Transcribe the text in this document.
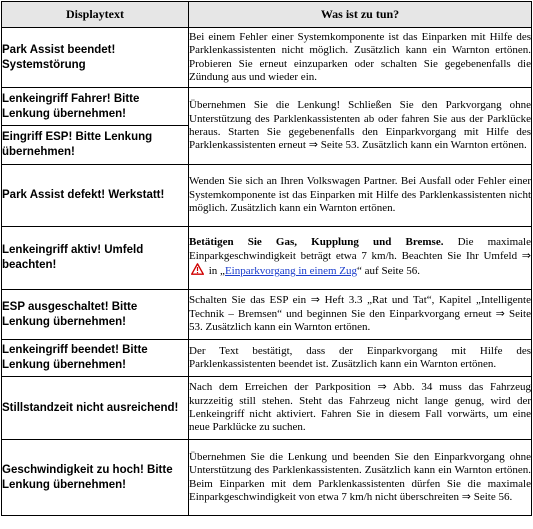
Displaytext	Was ist zu tun?
Park Assist beendet! Systemstörung	Bei einem Fehler einer Systemkomponente ist das Einparken mit Hilfe des Parklenkassistenten nicht möglich. Zusätzlich kann ein Warnton ertönen. Probieren Sie erneut einzuparken oder schalten Sie gegebenenfalls die Zündung aus und wieder ein.
Lenkeingriff Fahrer! Bitte Lenkung übernehmen!	Übernehmen Sie die Lenkung! Schließen Sie den Parkvorgang ohne Unterstützung des Parklenkassistenten ab oder fahren Sie aus der Parklücke heraus. Starten Sie gegebenenfalls den Einparkvorgang mit Hilfe des Parklenkassistenten erneut ⇒ Seite 53. Zusätzlich kann ein Warnton ertönen.
Eingriff ESP! Bitte Lenkung übernehmen!	
Park Assist defekt! Werkstatt!	Wenden Sie sich an Ihren Volkswagen Partner. Bei Ausfall oder Fehler einer Systemkomponente ist das Einparken mit Hilfe des Parklenkassistenten nicht möglich. Zusätzlich kann ein Warnton ertönen.
Lenkeingriff aktiv! Umfeld beachten!	Betätigen Sie Gas, Kupplung und Bremse. Die maximale Einparkgeschwindigkeit beträgt etwa 7 km/h. Beachten Sie Ihr Umfeld ⇒  in „Einparkvorgang in einem Zug“ auf Seite 56.
ESP ausgeschaltet! Bitte Lenkung übernehmen!	Schalten Sie das ESP ein ⇒ Heft 3.3 „Rat und Tat“, Kapitel „Intelligente Technik – Bremsen“ und beginnen Sie den Einparkvorgang erneut ⇒ Seite 53. Zusätzlich kann ein Warnton ertönen.
Lenkeingriff beendet! Bitte Lenkung übernehmen!	Der Text bestätigt, dass der Einparkvorgang mit Hilfe des Parklenkassistenten beendet ist. Zusätzlich kann ein Warnton ertönen.
Stillstandzeit nicht ausreichend!	Nach dem Erreichen der Parkposition ⇒ Abb. 34 muss das Fahrzeug kurzzeitig still stehen. Steht das Fahrzeug nicht lange genug, wird der Lenkeingriff nicht aktiviert. Fahren Sie in diesem Fall vorwärts, um eine neue Parklücke zu suchen.
Geschwindigkeit zu hoch! Bitte Lenkung übernehmen!	Übernehmen Sie die Lenkung und beenden Sie den Einparkvorgang ohne Unterstützung des Parklenkassistenten. Zusätzlich kann ein Warnton ertönen. Beim Einparken mit dem Parklenkassistenten dürfen Sie die maximale Einparkgeschwindigkeit von etwa 7 km/h nicht überschreiten ⇒ Seite 56.
